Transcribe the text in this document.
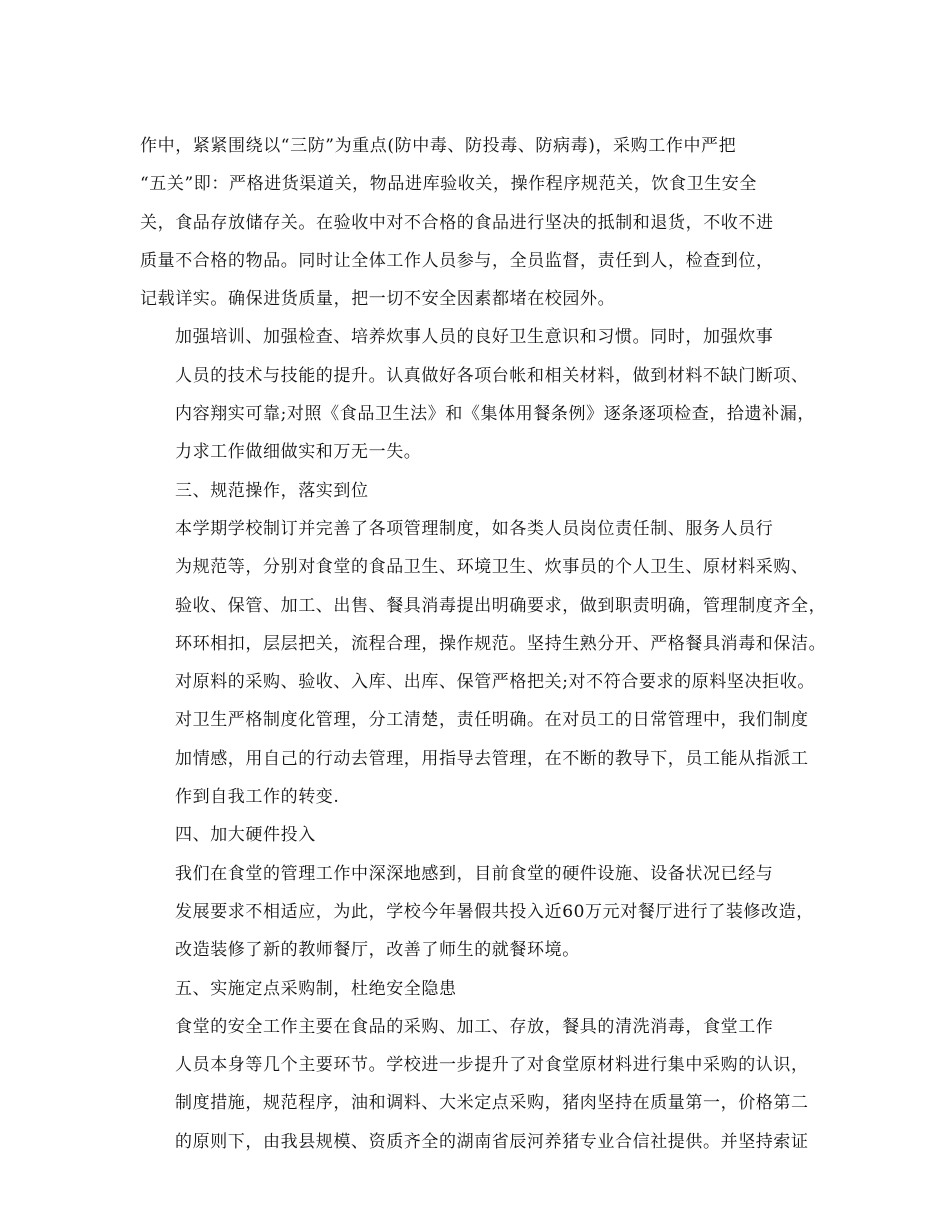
作中，紧紧围绕以“三防”为重点(防中毒、防投毒、防病毒)，采购工作中严把
“五关”即：严格进货渠道关，物品进库验收关，操作程序规范关，饮食卫生安全
关，食品存放储存关。在验收中对不合格的食品进行坚决的抵制和退货，不收不进
质量不合格的物品。同时让全体工作人员参与，全员监督，责任到人，检查到位，
记载详实。确保进货质量，把一切不安全因素都堵在校园外。
加强培训、加强检查、培养炊事人员的良好卫生意识和习惯。同时，加强炊事
人员的技术与技能的提升。认真做好各项台帐和相关材料，做到材料不缺门断项、
内容翔实可靠;对照《食品卫生法》和《集体用餐条例》逐条逐项检查，拾遗补漏，
力求工作做细做实和万无一失。
三、规范操作，落实到位
本学期学校制订并完善了各项管理制度，如各类人员岗位责任制、服务人员行
为规范等，分别对食堂的食品卫生、环境卫生、炊事员的个人卫生、原材料采购、
验收、保管、加工、出售、餐具消毒提出明确要求，做到职责明确，管理制度齐全，
环环相扣，层层把关，流程合理，操作规范。坚持生熟分开、严格餐具消毒和保洁。
对原料的采购、验收、入库、出库、保管严格把关;对不符合要求的原料坚决拒收。
对卫生严格制度化管理，分工清楚，责任明确。在对员工的日常管理中，我们制度
加情感，用自己的行动去管理，用指导去管理，在不断的教导下，员工能从指派工
作到自我工作的转变.
四、加大硬件投入
我们在食堂的管理工作中深深地感到，目前食堂的硬件设施、设备状况已经与
发展要求不相适应，为此，学校今年暑假共投入近60万元对餐厅进行了装修改造，
改造装修了新的教师餐厅，改善了师生的就餐环境。
五、实施定点采购制，杜绝安全隐患
食堂的安全工作主要在食品的采购、加工、存放，餐具的清洗消毒，食堂工作
人员本身等几个主要环节。学校进一步提升了对食堂原材料进行集中采购的认识，
制度措施，规范程序，油和调料、大米定点采购，猪肉坚持在质量第一，价格第二
的原则下，由我县规模、资质齐全的湖南省辰河养猪专业合信社提供。并坚持索证
